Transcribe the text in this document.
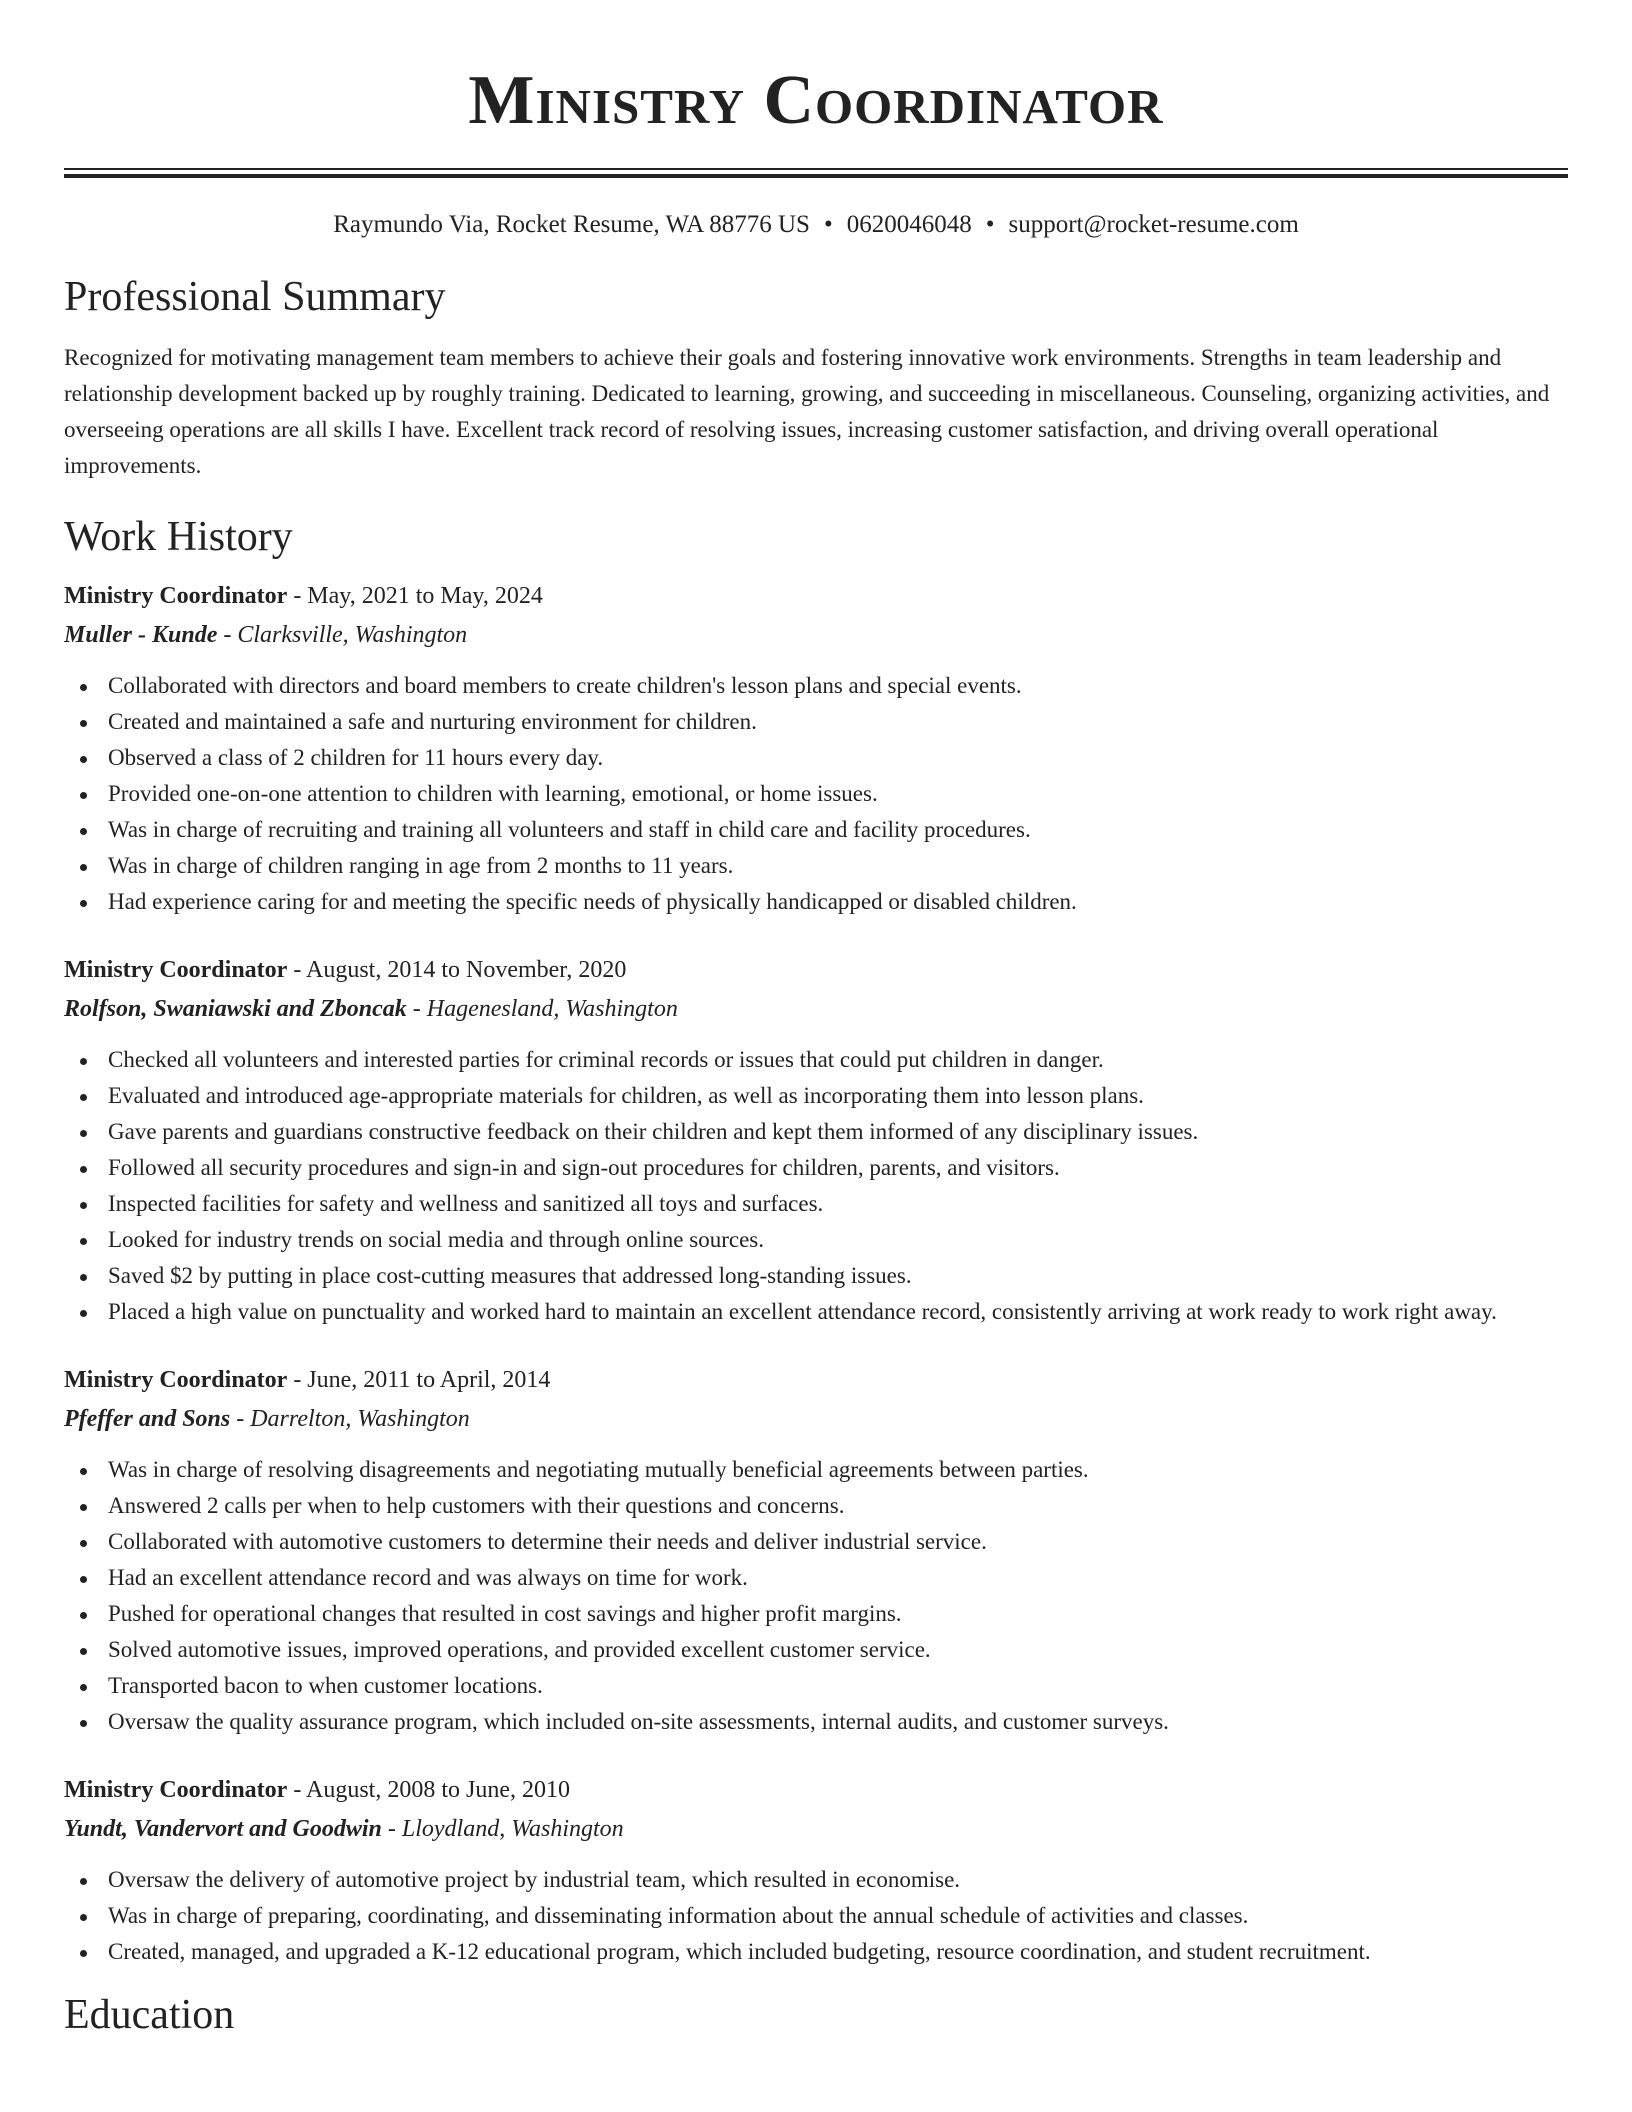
Ministry Coordinator
Raymundo Via, Rocket Resume, WA 88776 US • 0620046048 • support@rocket-resume.com
Professional Summary

Recognized for motivating management team members to achieve their goals and fostering innovative work environments. Strengths in team leadership and relationship development backed up by roughly training. Dedicated to learning, growing, and succeeding in miscellaneous. Counseling, organizing activities, and overseeing operations are all skills I have. Excellent track record of resolving issues, increasing customer satisfaction, and driving overall operational improvements.

Work History
Ministry Coordinator - May, 2021 to May, 2024
Muller - Kunde - Clarksville, Washington
Collaborated with directors and board members to create children's lesson plans and special events.
Created and maintained a safe and nurturing environment for children.
Observed a class of 2 children for 11 hours every day.
Provided one-on-one attention to children with learning, emotional, or home issues.
Was in charge of recruiting and training all volunteers and staff in child care and facility procedures.
Was in charge of children ranging in age from 2 months to 11 years.
Had experience caring for and meeting the specific needs of physically handicapped or disabled children.
Ministry Coordinator - August, 2014 to November, 2020
Rolfson, Swaniawski and Zboncak - Hagenesland, Washington
Checked all volunteers and interested parties for criminal records or issues that could put children in danger.
Evaluated and introduced age-appropriate materials for children, as well as incorporating them into lesson plans.
Gave parents and guardians constructive feedback on their children and kept them informed of any disciplinary issues.
Followed all security procedures and sign-in and sign-out procedures for children, parents, and visitors.
Inspected facilities for safety and wellness and sanitized all toys and surfaces.
Looked for industry trends on social media and through online sources.
Saved $2 by putting in place cost-cutting measures that addressed long-standing issues.
Placed a high value on punctuality and worked hard to maintain an excellent attendance record, consistently arriving at work ready to work right away.
Ministry Coordinator - June, 2011 to April, 2014
Pfeffer and Sons - Darrelton, Washington
Was in charge of resolving disagreements and negotiating mutually beneficial agreements between parties.
Answered 2 calls per when to help customers with their questions and concerns.
Collaborated with automotive customers to determine their needs and deliver industrial service.
Had an excellent attendance record and was always on time for work.
Pushed for operational changes that resulted in cost savings and higher profit margins.
Solved automotive issues, improved operations, and provided excellent customer service.
Transported bacon to when customer locations.
Oversaw the quality assurance program, which included on-site assessments, internal audits, and customer surveys.
Ministry Coordinator - August, 2008 to June, 2010
Yundt, Vandervort and Goodwin - Lloydland, Washington
Oversaw the delivery of automotive project by industrial team, which resulted in economise.
Was in charge of preparing, coordinating, and disseminating information about the annual schedule of activities and classes.
Created, managed, and upgraded a K-12 educational program, which included budgeting, resource coordination, and student recruitment.
Education
